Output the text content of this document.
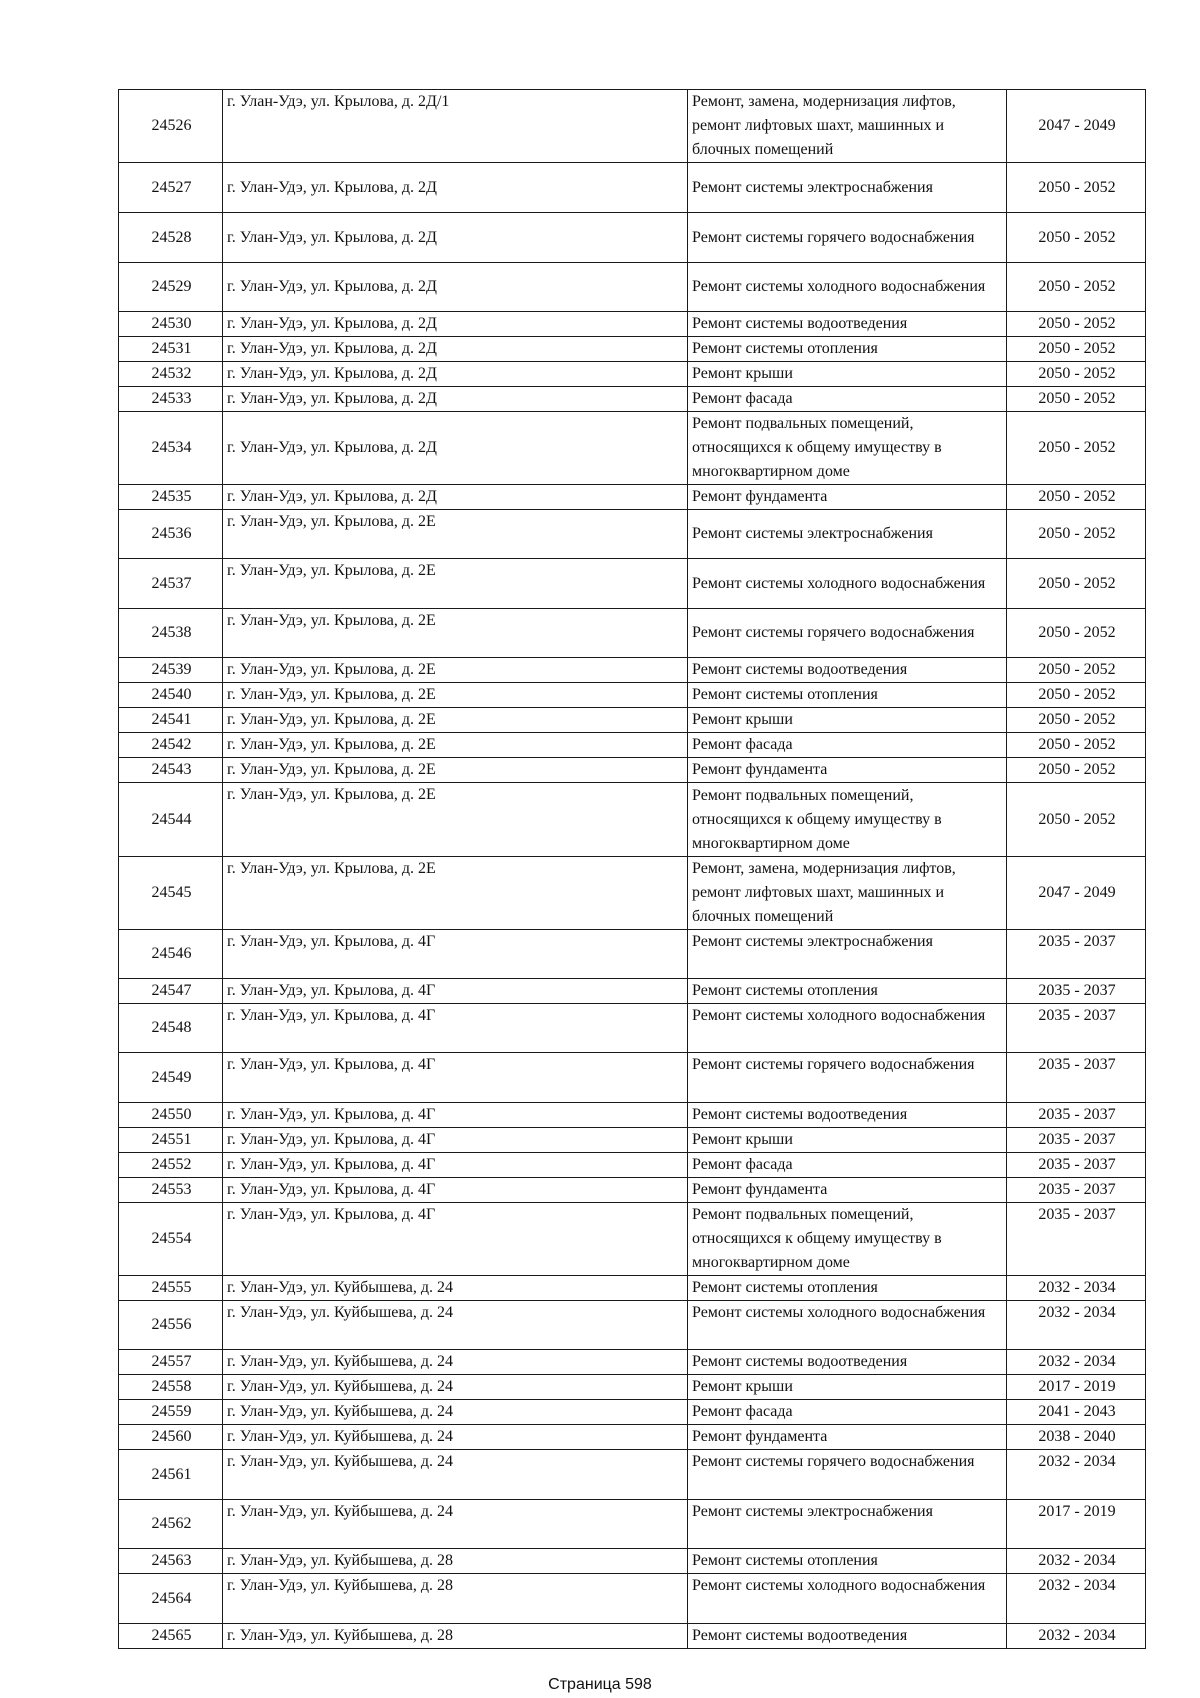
24526	г. Улан-Удэ, ул. Крылова, д. 2Д/1	Ремонт, замена, модернизация лифтов, ремонт лифтовых шахт, машинных и блочных помещений	2047 - 2049
24527	г. Улан-Удэ, ул. Крылова, д. 2Д	Ремонт системы электроснабжения	2050 - 2052
24528	г. Улан-Удэ, ул. Крылова, д. 2Д	Ремонт системы горячего водоснабжения	2050 - 2052
24529	г. Улан-Удэ, ул. Крылова, д. 2Д	Ремонт системы холодного водоснабжения	2050 - 2052
24530	г. Улан-Удэ, ул. Крылова, д. 2Д	Ремонт системы водоотведения	2050 - 2052
24531	г. Улан-Удэ, ул. Крылова, д. 2Д	Ремонт системы отопления	2050 - 2052
24532	г. Улан-Удэ, ул. Крылова, д. 2Д	Ремонт крыши	2050 - 2052
24533	г. Улан-Удэ, ул. Крылова, д. 2Д	Ремонт фасада	2050 - 2052
24534	г. Улан-Удэ, ул. Крылова, д. 2Д	Ремонт подвальных помещений, относящихся к общему имуществу в многоквартирном доме	2050 - 2052
24535	г. Улан-Удэ, ул. Крылова, д. 2Д	Ремонт фундамента	2050 - 2052
24536	г. Улан-Удэ, ул. Крылова, д. 2Е	Ремонт системы электроснабжения	2050 - 2052
24537	г. Улан-Удэ, ул. Крылова, д. 2Е	Ремонт системы холодного водоснабжения	2050 - 2052
24538	г. Улан-Удэ, ул. Крылова, д. 2Е	Ремонт системы горячего водоснабжения	2050 - 2052
24539	г. Улан-Удэ, ул. Крылова, д. 2Е	Ремонт системы водоотведения	2050 - 2052
24540	г. Улан-Удэ, ул. Крылова, д. 2Е	Ремонт системы отопления	2050 - 2052
24541	г. Улан-Удэ, ул. Крылова, д. 2Е	Ремонт крыши	2050 - 2052
24542	г. Улан-Удэ, ул. Крылова, д. 2Е	Ремонт фасада	2050 - 2052
24543	г. Улан-Удэ, ул. Крылова, д. 2Е	Ремонт фундамента	2050 - 2052
24544	г. Улан-Удэ, ул. Крылова, д. 2Е	Ремонт подвальных помещений, относящихся к общему имуществу в многоквартирном доме	2050 - 2052
24545	г. Улан-Удэ, ул. Крылова, д. 2Е	Ремонт, замена, модернизация лифтов, ремонт лифтовых шахт, машинных и блочных помещений	2047 - 2049
24546	г. Улан-Удэ, ул. Крылова, д. 4Г	Ремонт системы электроснабжения	2035 - 2037
24547	г. Улан-Удэ, ул. Крылова, д. 4Г	Ремонт системы отопления	2035 - 2037
24548	г. Улан-Удэ, ул. Крылова, д. 4Г	Ремонт системы холодного водоснабжения	2035 - 2037
24549	г. Улан-Удэ, ул. Крылова, д. 4Г	Ремонт системы горячего водоснабжения	2035 - 2037
24550	г. Улан-Удэ, ул. Крылова, д. 4Г	Ремонт системы водоотведения	2035 - 2037
24551	г. Улан-Удэ, ул. Крылова, д. 4Г	Ремонт крыши	2035 - 2037
24552	г. Улан-Удэ, ул. Крылова, д. 4Г	Ремонт фасада	2035 - 2037
24553	г. Улан-Удэ, ул. Крылова, д. 4Г	Ремонт фундамента	2035 - 2037
24554	г. Улан-Удэ, ул. Крылова, д. 4Г	Ремонт подвальных помещений, относящихся к общему имуществу в многоквартирном доме	2035 - 2037
24555	г. Улан-Удэ, ул. Куйбышева, д. 24	Ремонт системы отопления	2032 - 2034
24556	г. Улан-Удэ, ул. Куйбышева, д. 24	Ремонт системы холодного водоснабжения	2032 - 2034
24557	г. Улан-Удэ, ул. Куйбышева, д. 24	Ремонт системы водоотведения	2032 - 2034
24558	г. Улан-Удэ, ул. Куйбышева, д. 24	Ремонт крыши	2017 - 2019
24559	г. Улан-Удэ, ул. Куйбышева, д. 24	Ремонт фасада	2041 - 2043
24560	г. Улан-Удэ, ул. Куйбышева, д. 24	Ремонт фундамента	2038 - 2040
24561	г. Улан-Удэ, ул. Куйбышева, д. 24	Ремонт системы горячего водоснабжения	2032 - 2034
24562	г. Улан-Удэ, ул. Куйбышева, д. 24	Ремонт системы электроснабжения	2017 - 2019
24563	г. Улан-Удэ, ул. Куйбышева, д. 28	Ремонт системы отопления	2032 - 2034
24564	г. Улан-Удэ, ул. Куйбышева, д. 28	Ремонт системы холодного водоснабжения	2032 - 2034
24565	г. Улан-Удэ, ул. Куйбышева, д. 28	Ремонт системы водоотведения	2032 - 2034
Страница 598
